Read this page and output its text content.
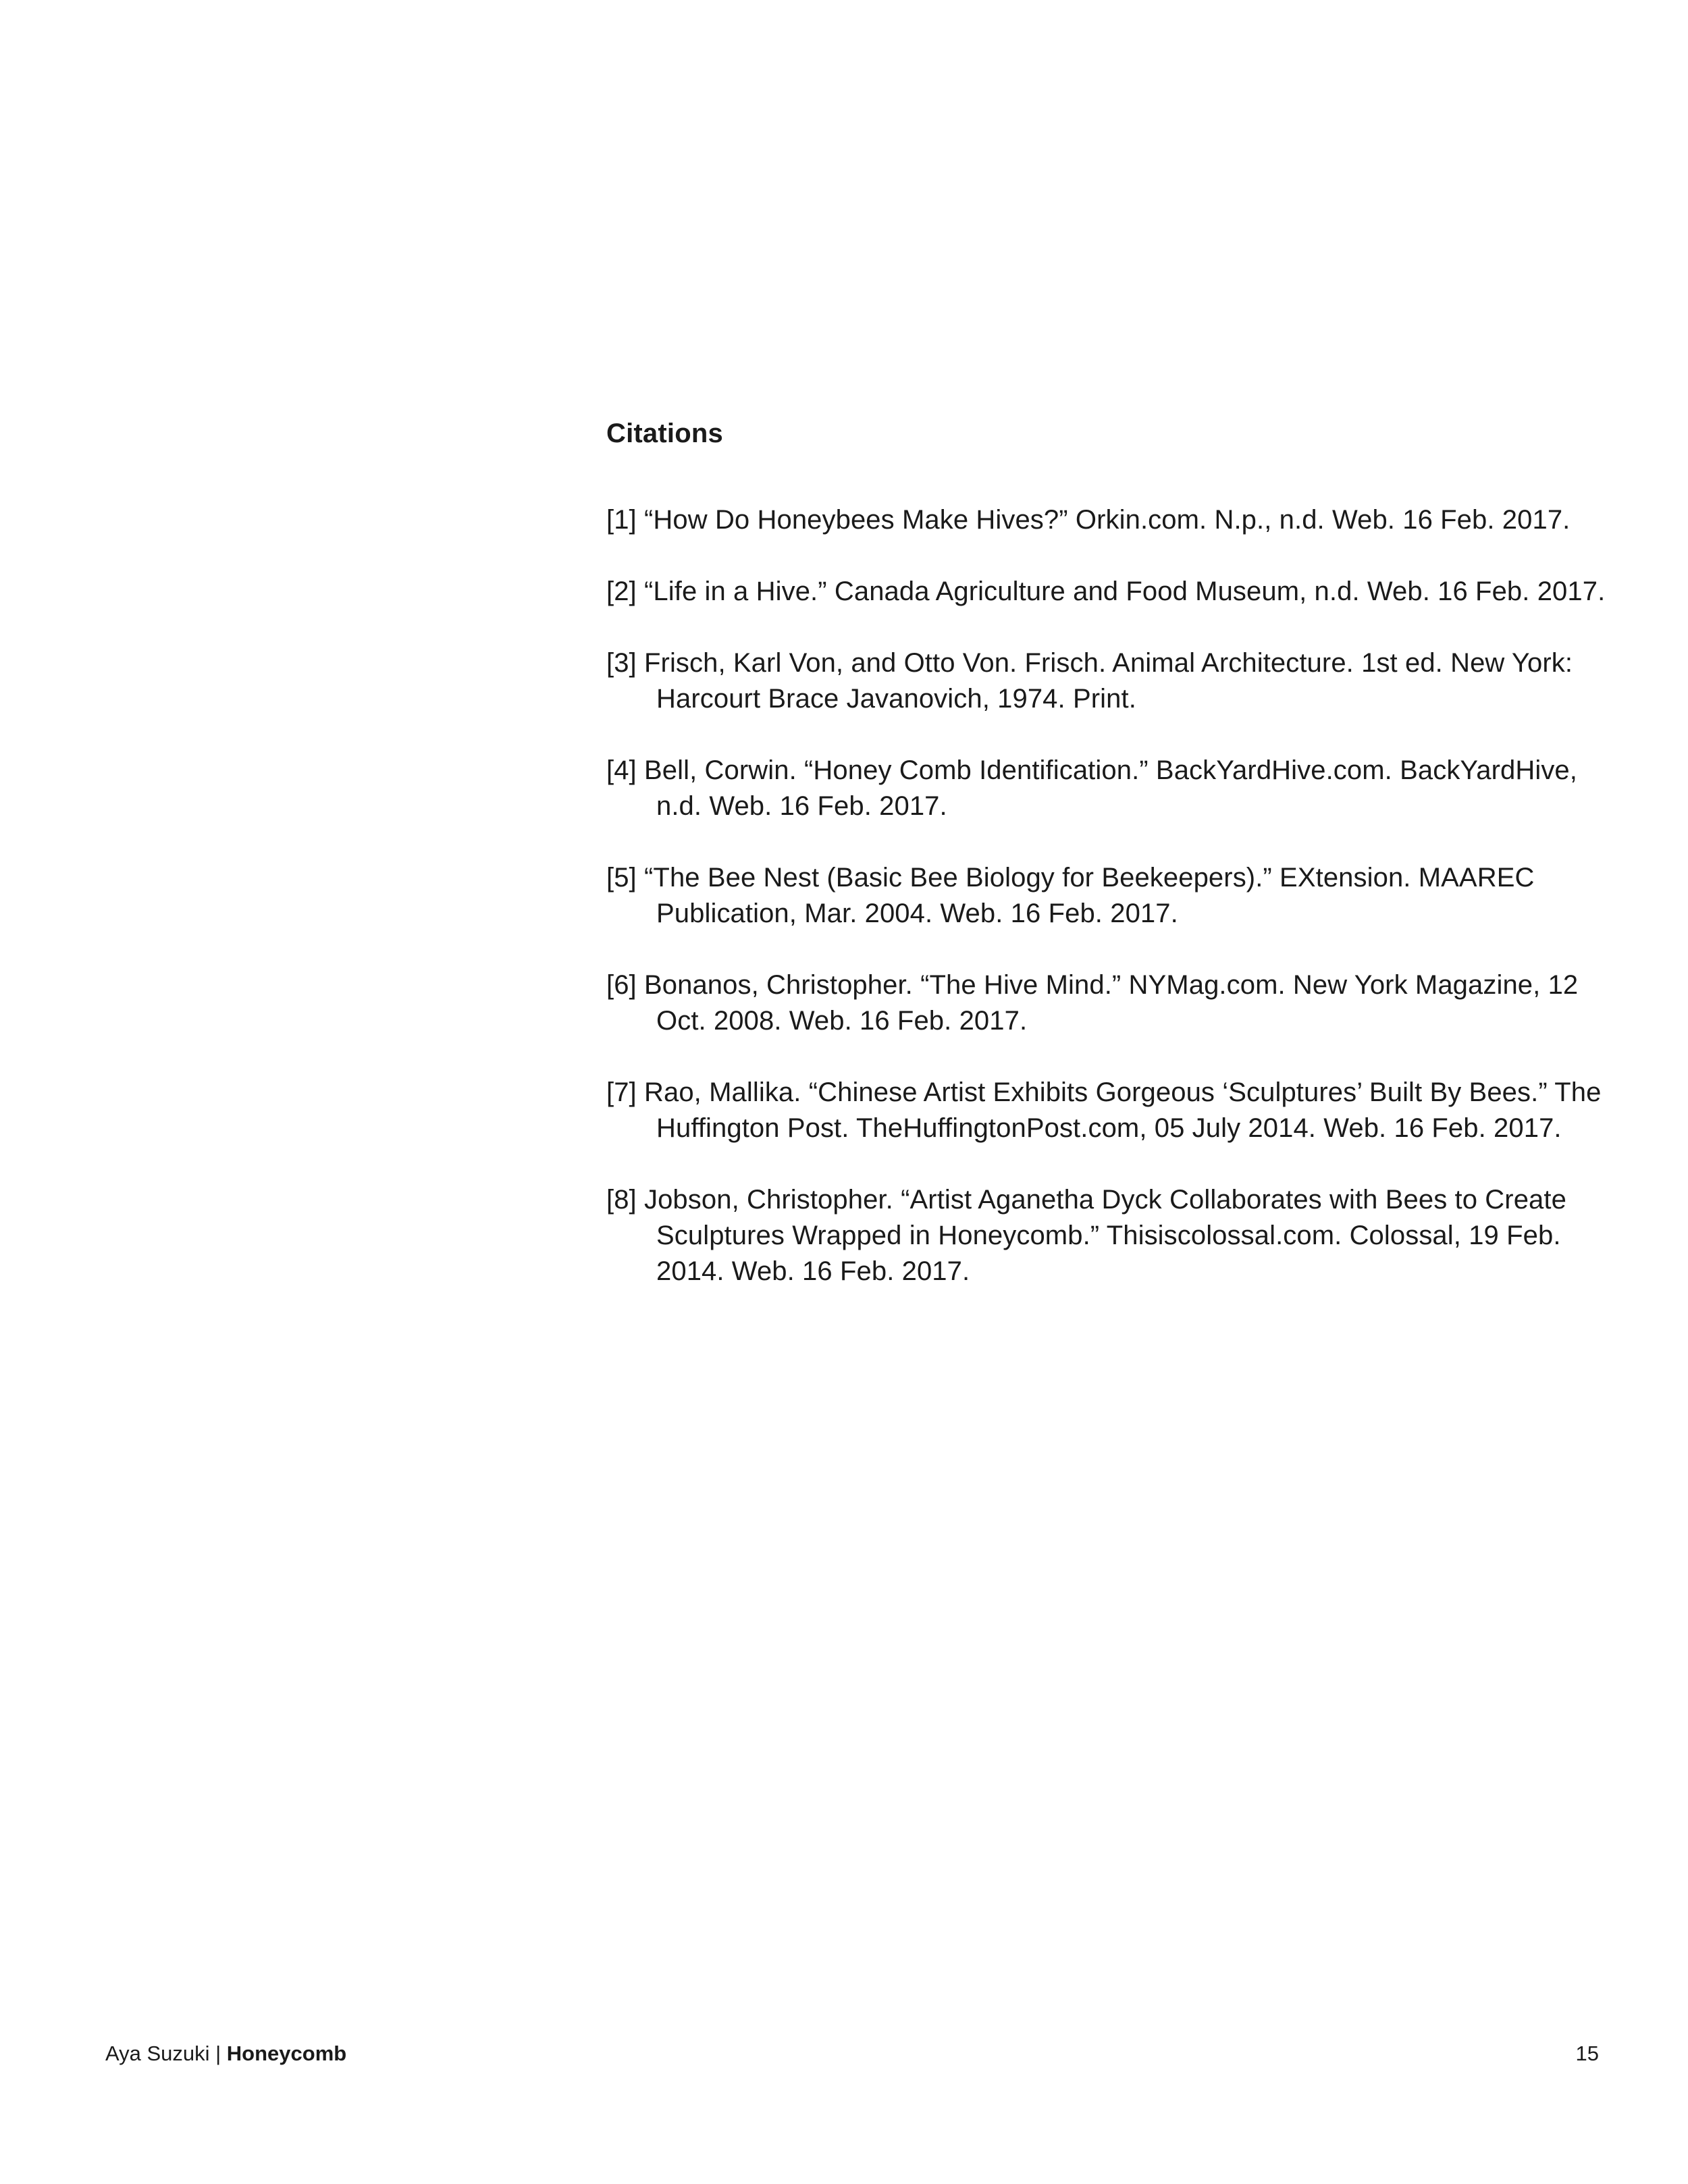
Citations

[1] “How Do Honeybees Make Hives?” Orkin.com. N.p., n.d. Web. 16 Feb. 2017.

[2] “Life in a Hive.” Canada Agriculture and Food Museum, n.d. Web. 16 Feb. 2017.

[3] Frisch, Karl Von, and Otto Von. Frisch. Animal Architecture. 1st ed. New York: Harcourt Brace Javanovich, 1974. Print.

[4] Bell, Corwin. “Honey Comb Identification.” BackYardHive.com. BackYardHive, n.d. Web. 16 Feb. 2017.

[5] “The Bee Nest (Basic Bee Biology for Beekeepers).” EXtension. MAAREC Publication, Mar. 2004. Web. 16 Feb. 2017.

[6] Bonanos, Christopher. “The Hive Mind.” NYMag.com. New York Magazine, 12 Oct. 2008. Web. 16 Feb. 2017.

[7] Rao, Mallika. “Chinese Artist Exhibits Gorgeous ‘Sculptures’ Built By Bees.” The Huffington Post. TheHuffingtonPost.com, 05 July 2014. Web. 16 Feb. 2017.

[8] Jobson, Christopher. “Artist Aganetha Dyck Collaborates with Bees to Create Sculptures Wrapped in Honeycomb.” Thisiscolossal.com. Colossal, 19 Feb. 2014. Web. 16 Feb. 2017.

Aya Suzuki | Honeycomb	15
